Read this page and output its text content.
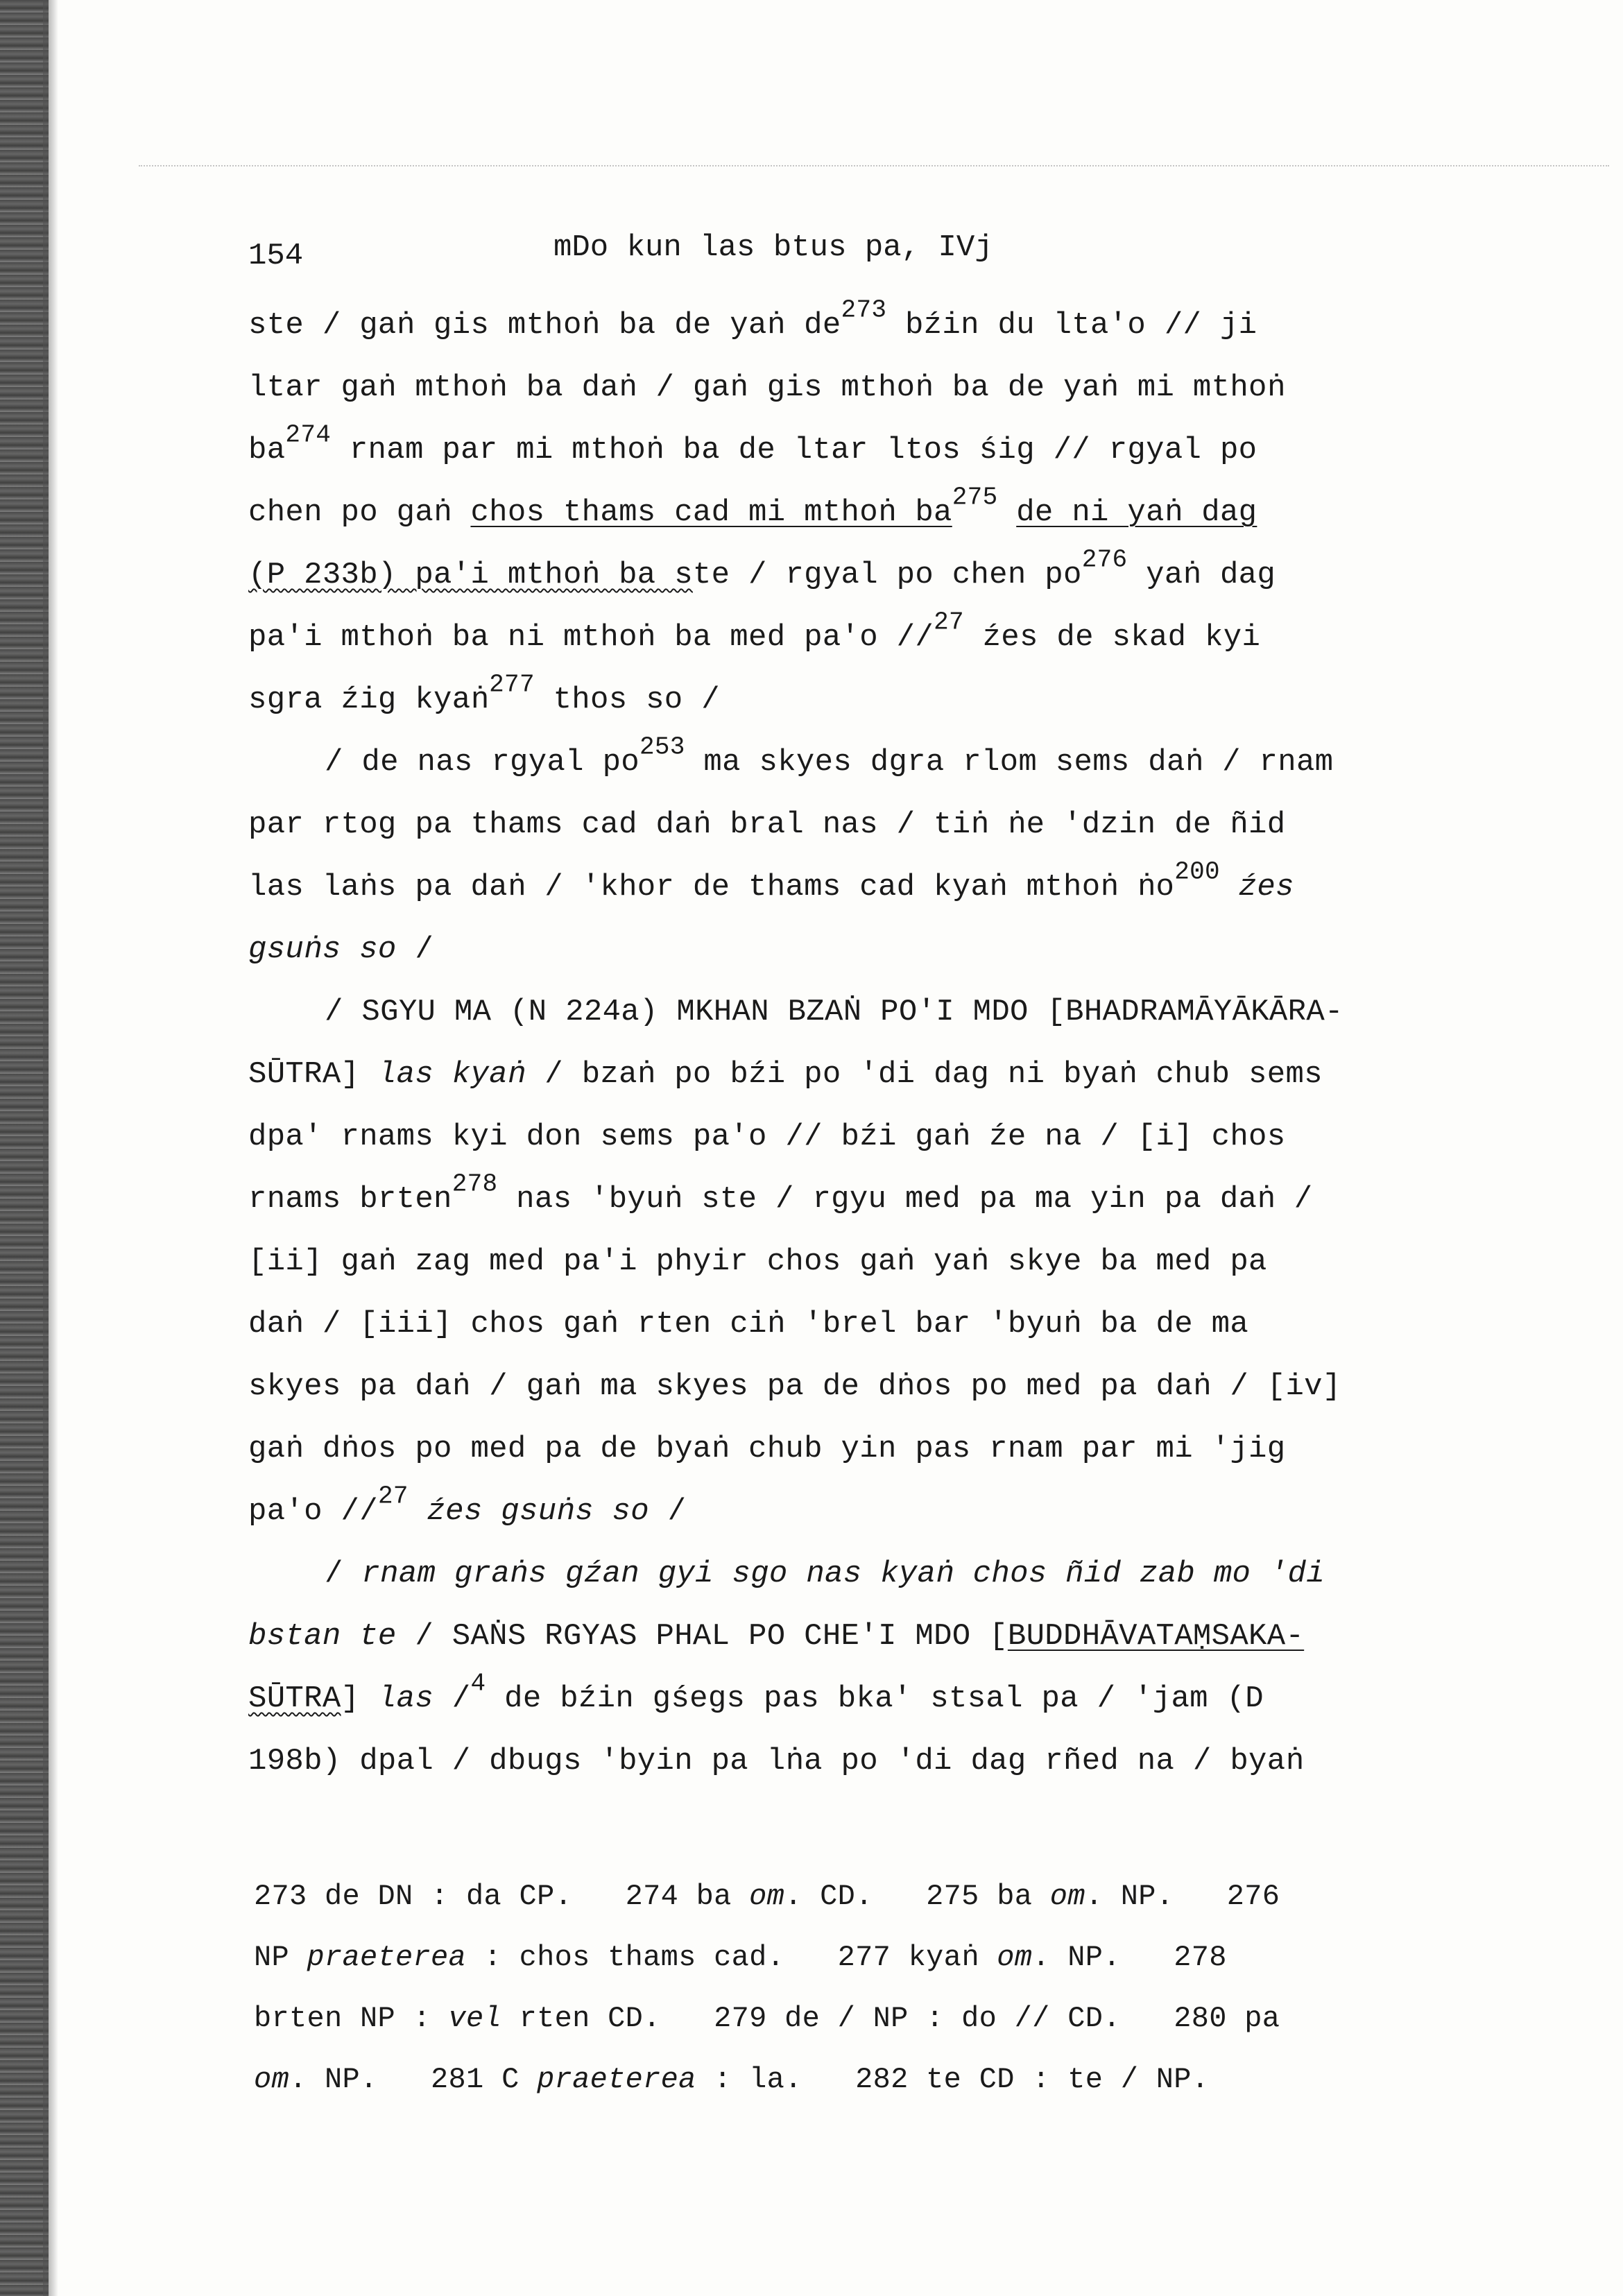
154	mDo kun las btus pa, IVj

ste / gaṅ gis mthoṅ ba de yaṅ $de^{273}$ bźin du lta'o // ji
ltar gaṅ mthoṅ ba daṅ / gaṅ gis mthoṅ ba de yaṅ mi mthoṅ
$ba^{274}$ rnam par mi mthoṅ ba de ltar ltos śig // rgyal po
chen po gaṅ chos thams cad mi mthoṅ $ba^{275}$ de ni yaṅ dag
(P 233b) pa'i mthoṅ ba ste / rgyal po chen $po^{276}$ yaṅ dag
pa'i mthoṅ ba ni mthoṅ ba med pa'o //$^{27}$ źes de skad kyi
sgra źig kyaṅ$^{277}$ thos so /

/ de nas rgyal $po^{253}$ ma skyes dgra rlom sems daṅ / rnam
par rtog pa thams cad daṅ bral nas / tiṅ ṅe 'dzin de ñid
las laṅs pa daṅ / 'khor de thams cad kyaṅ mthoṅ ṅo$^{200}$ źes
gsuṅs so /

/ SGYU MA (N 224a) MKHAN BZAṄ PO'I MDO [BHADRAMĀYĀKĀRA-
SŪTRA] las kyaṅ / bzaṅ po bźi po 'di dag ni byaṅ chub sems
dpa' rnams kyi don sems pa'o // bźi gaṅ źe na / [i] chos
rnams brten$^{278}$ nas 'byuṅ ste / rgyu med pa ma yin pa daṅ /
[ii] gaṅ zag med pa'i phyir chos gaṅ yaṅ skye ba med pa
daṅ / [iii] chos gaṅ rten ciṅ 'brel bar 'byuṅ ba de ma
skyes pa daṅ / gaṅ ma skyes pa de dṅos po med pa daṅ / [iv]
gaṅ dṅos po med pa de byaṅ chub yin pas rnam par mi 'jig
pa'o //$^{27}$ źes gsuṅs so /

/ rnam graṅs gźan gyi sgo nas kyaṅ chos ñid zab mo 'di
bstan te / SAṄS RGYAS PHAL PO CHE'I MDO [BUDDHĀVATAṂSAKA-
SŪTRA] las /$^4$ de bźin gśegs pas bka' stsal pa / 'jam (D
198b) dpal / dbugs 'byin pa lṅa po 'di dag rñed na / byaṅ

273 de DN : da CP.   274 ba om. CD.   275 ba om. NP.   276
NP praeterea : chos thams cad.   277 kyaṅ om. NP.   278
brten NP : vel rten CD.   279 de / NP : do // CD.   280 pa
om. NP.   281 C praeterea : la.   282 te CD : te / NP.
